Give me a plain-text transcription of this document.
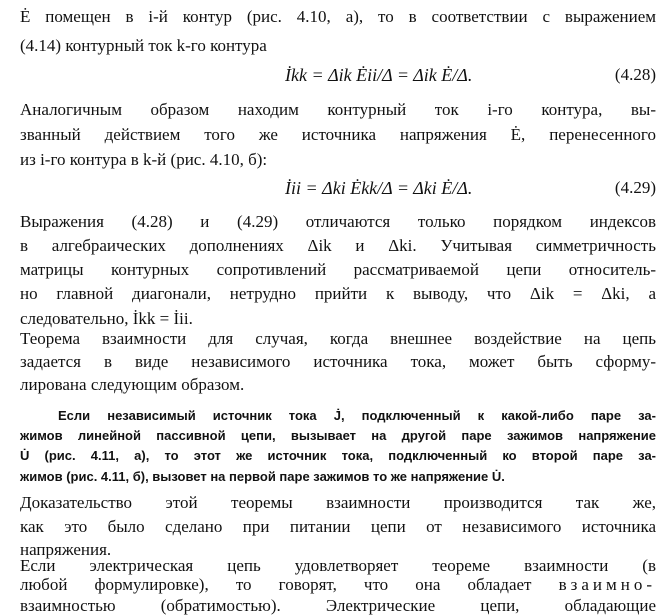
Ė помещен в i-й контур (рис. 4.10, а), то в соответствии с выражением
(4.14) контурный ток k-го контура
İkk = Δik Ėii/Δ = Δik Ė/Δ.	(4.28)
Аналогичным образом находим контурный ток i-го контура, вы-
званный действием того же источника напряжения Ė, перенесенного
из i-го контура в k-й (рис. 4.10, б):
İii = Δki Ėkk/Δ = Δki Ė/Δ.	(4.29)
Выражения (4.28) и (4.29) отличаются только порядком индексов
в алгебраических дополнениях Δik и Δki. Учитывая симметричность
матрицы контурных сопротивлений рассматриваемой цепи относитель-
но главной диагонали, нетрудно прийти к выводу, что Δik = Δki, а
следовательно, İkk = İii.
Теорема взаимности для случая, когда внешнее воздействие на цепь
задается в виде независимого источника тока, может быть сформу-
лирована следующим образом.
Если независимый источник тока J̇, подключенный к какой-либо паре за-
жимов линейной пассивной цепи, вызывает на другой паре зажимов напряжение
U̇ (рис. 4.11, а), то этот же источник тока, подключенный ко второй паре за-
жимов (рис. 4.11, б), вызовет на первой паре зажимов то же напряжение U̇.
Доказательство этой теоремы взаимности производится так же,
как это было сделано при питании цепи от независимого источника
напряжения.
Если электрическая цепь удовлетворяет теореме взаимности (в
любой формулировке), то говорят, что она обладает взаимно-
взаимностью (обратимостью). Электрические цепи, обладающие
